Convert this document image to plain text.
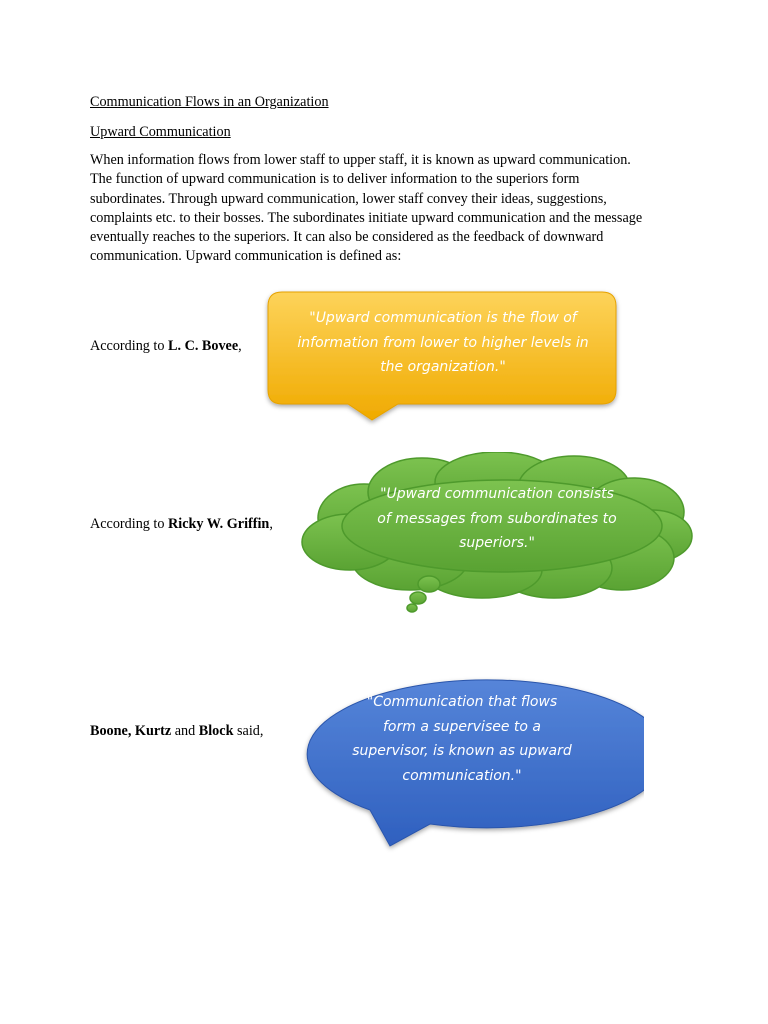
Communication Flows in an Organization
Upward Communication
When information flows from lower staff to upper staff, it is known as upward communication.
The function of upward communication is to deliver information to the superiors form
subordinates. Through upward communication, lower staff convey their ideas, suggestions,
complaints etc. to their bosses. The subordinates initiate upward communication and the message
eventually reaches to the superiors. It can also be considered as the feedback of downward
communication. Upward communication is defined as:
According to L. C. Bovee,
"Upward communication is the flow of
information from lower to higher levels in
the organization."
According to Ricky W. Griffin,
"Upward communication consists
of messages from subordinates to
superiors."
Boone, Kurtz and Block said,
"Communication that flows
form a supervisee to a
supervisor, is known as upward
communication."
